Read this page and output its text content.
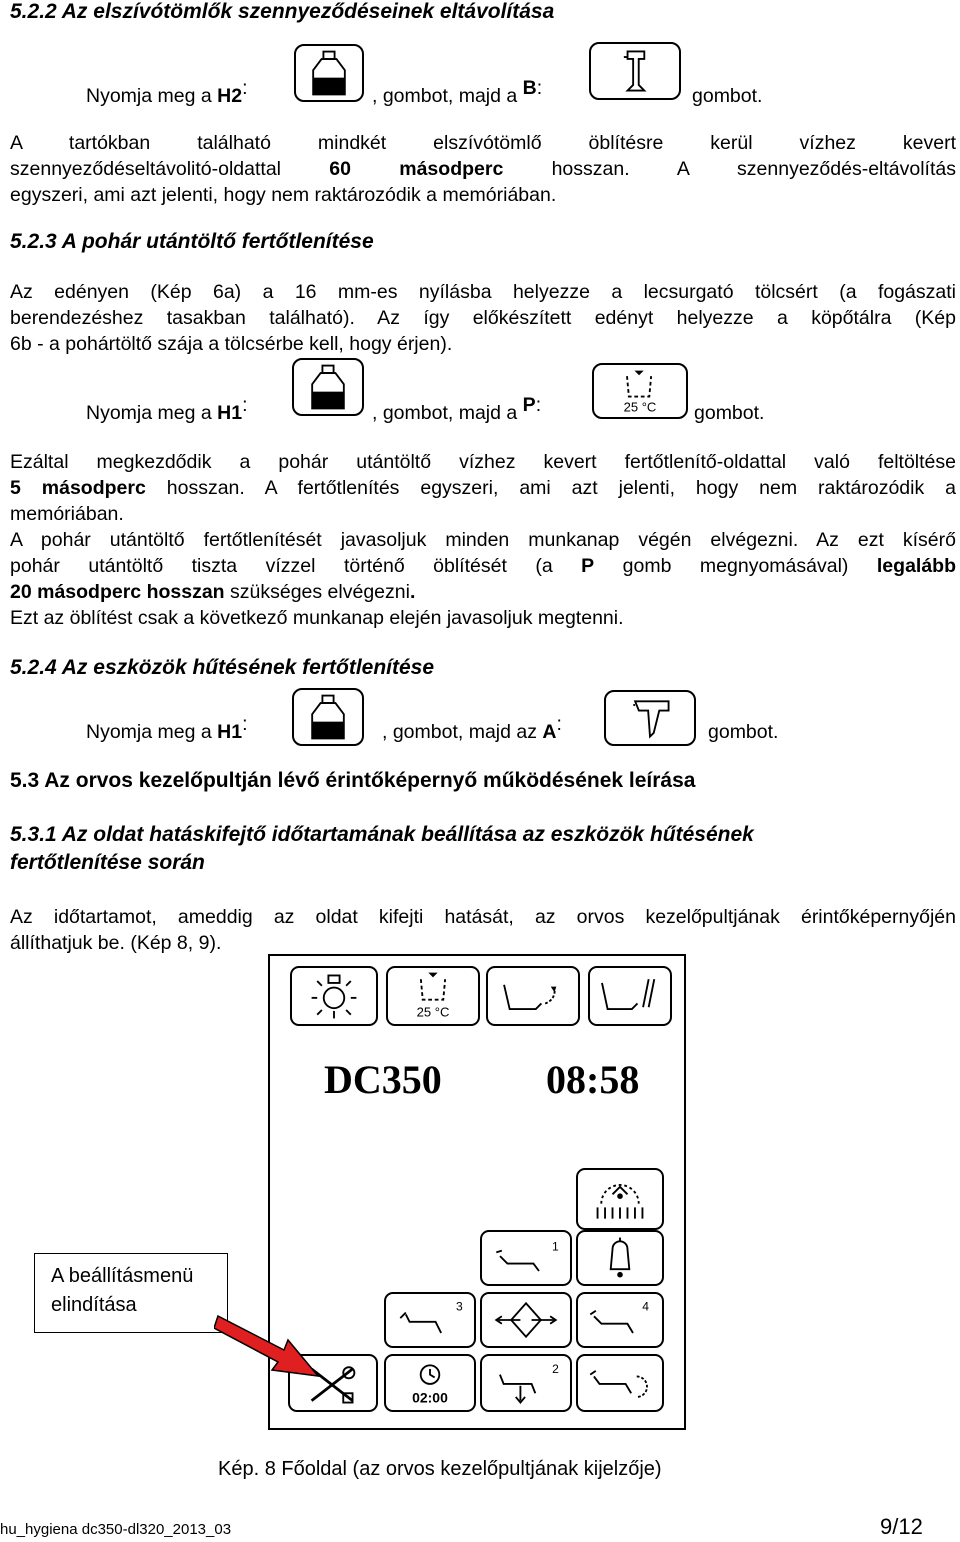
5.2.2 Az elszívótömlők szennyeződéseinek eltávolítása
Nyomja meg a H2:	, gombot, majd a B:	gombot.
A tartókban található mindkét elszívótömlő öblítésre kerül vízhez kevert
szennyeződéseltávolitó-oldattal 60 másodperc hosszan. A szennyeződés-eltávolítás
egyszeri, ami azt jelenti, hogy nem raktározódik a memóriában.
5.2.3 A pohár utántöltő fertőtlenítése
Az edényen (Kép 6a) a 16 mm-es nyílásba helyezze a lecsurgató tölcsért (a fogászati
berendezéshez tasakban található). Az így előkészített edényt helyezze a köpőtálra (Kép
6b - a pohártöltő szája a tölcsérbe kell, hogy érjen).
Nyomja meg a H1:	, gombot, majd a P:	25 °C gombot.
Ezáltal megkezdődik a pohár utántöltő vízhez kevert fertőtlenítő-oldattal való feltöltése
5 másodperc hosszan. A fertőtlenítés egyszeri, ami azt jelenti, hogy nem raktározódik a
memóriában.
A pohár utántöltő fertőtlenítését javasoljuk minden munkanap végén elvégezni. Az ezt kísérő
pohár utántöltő tiszta vízzel történő öblítését (a P gomb megnyomásával) legalább
20 másodperc hosszan szükséges elvégezni.
Ezt az öblítést csak a következő munkanap elején javasoljuk megtenni.
5.2.4 Az eszközök hűtésének fertőtlenítése
Nyomja meg a H1:	, gombot, majd az A:	gombot.
5.3 Az orvos kezelőpultján lévő érintőképernyő működésének leírása
5.3.1 Az oldat hatáskifejtő időtartamának beállítása az eszközök hűtésének
fertőtlenítése során
Az időtartamot, ameddig az oldat kifejti hatását, az orvos kezelőpultjának érintőképernyőjén
állíthatjuk be. (Kép 8, 9).
25 °C
DC350	08:58
1
3	4
02:00
2
A beállításmenü
elindítása
Kép. 8 Főoldal (az orvos kezelőpultjának kijelzője)
hu_hygiena dc350-dl320_2013_03	9/12
